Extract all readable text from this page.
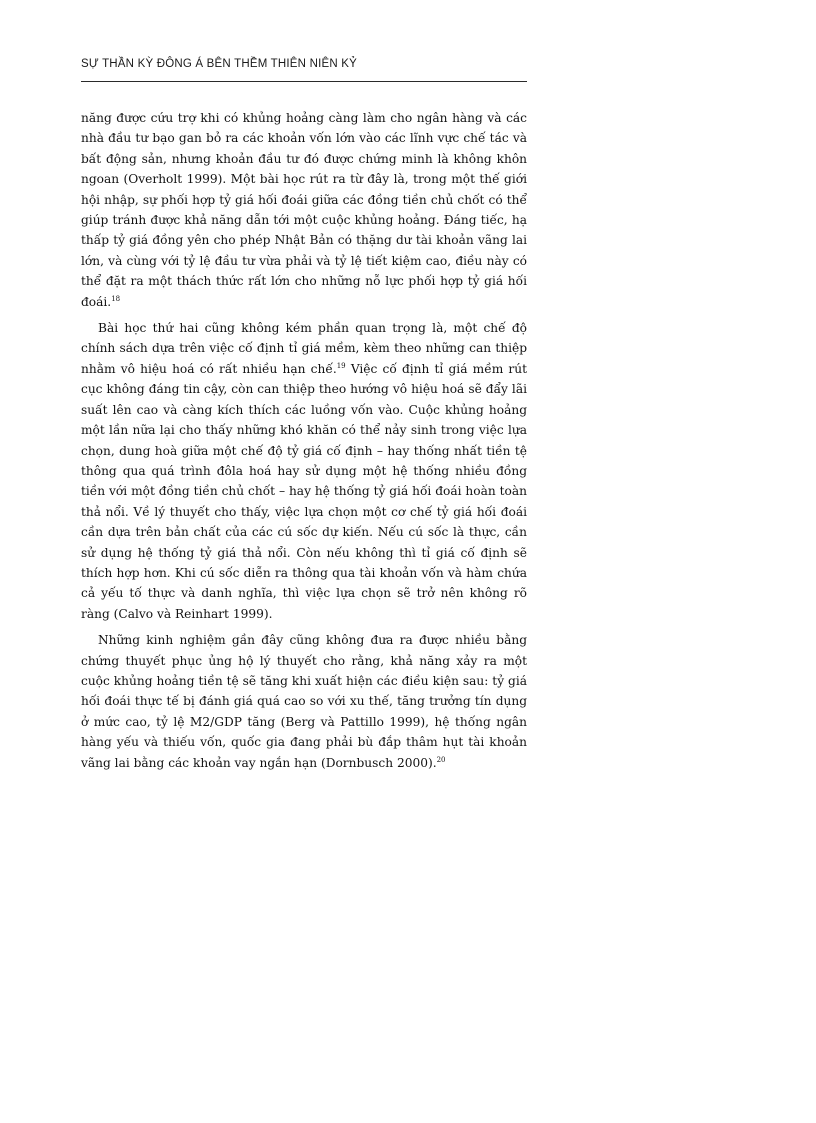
SỰ THẦN KỲ ĐÔNG Á BÊN THỀM THIÊN NIÊN KỶ

năng được cứu trợ khi có khủng hoảng càng làm cho ngân hàng và các nhà đầu tư bạo gan bỏ ra các khoản vốn lớn vào các lĩnh vực chế tác và bất động sản, nhưng khoản đầu tư đó được chứng minh là không khôn ngoan (Overholt 1999). Một bài học rút ra từ đây là, trong một thế giới hội nhập, sự phối hợp tỷ giá hối đoái giữa các đồng tiền chủ chốt có thể giúp tránh được khả năng dẫn tới một cuộc khủng hoảng. Đáng tiếc, hạ thấp tỷ giá đồng yên cho phép Nhật Bản có thặng dư tài khoản vãng lai lớn, và cùng với tỷ lệ đầu tư vừa phải và tỷ lệ tiết kiệm cao, điều này có thể đặt ra một thách thức rất lớn cho những nỗ lực phối hợp tỷ giá hối đoái.$^{18}$

Bài học thứ hai cũng không kém phần quan trọng là, một chế độ chính sách dựa trên việc cố định tỉ giá mềm, kèm theo những can thiệp nhằm vô hiệu hoá có rất nhiều hạn chế.$^{19}$ Việc cố định tỉ giá mềm rút cục không đáng tin cậy, còn can thiệp theo hướng vô hiệu hoá sẽ đẩy lãi suất lên cao và càng kích thích các luồng vốn vào. Cuộc khủng hoảng một lần nữa lại cho thấy những khó khăn có thể nảy sinh trong việc lựa chọn, dung hoà giữa một chế độ tỷ giá cố định – hay thống nhất tiền tệ thông qua quá trình đôla hoá hay sử dụng một hệ thống nhiều đồng tiền với một đồng tiền chủ chốt – hay hệ thống tỷ giá hối đoái hoàn toàn thả nổi. Về lý thuyết cho thấy, việc lựa chọn một cơ chế tỷ giá hối đoái cần dựa trên bản chất của các cú sốc dự kiến. Nếu cú sốc là thực, cần sử dụng hệ thống tỷ giá thả nổi. Còn nếu không thì tỉ giá cố định sẽ thích hợp hơn. Khi cú sốc diễn ra thông qua tài khoản vốn và hàm chứa cả yếu tố thực và danh nghĩa, thì việc lựa chọn sẽ trở nên không rõ ràng (Calvo và Reinhart 1999).

Những kinh nghiệm gần đây cũng không đưa ra được nhiều bằng chứng thuyết phục ủng hộ lý thuyết cho rằng, khả năng xảy ra một cuộc khủng hoảng tiền tệ sẽ tăng khi xuất hiện các điều kiện sau: tỷ giá hối đoái thực tế bị đánh giá quá cao so với xu thế, tăng trưởng tín dụng ở mức cao, tỷ lệ M2/GDP tăng (Berg và Pattillo 1999), hệ thống ngân hàng yếu và thiếu vốn, quốc gia đang phải bù đắp thâm hụt tài khoản vãng lai bằng các khoản vay ngắn hạn (Dornbusch 2000).$^{20}$
